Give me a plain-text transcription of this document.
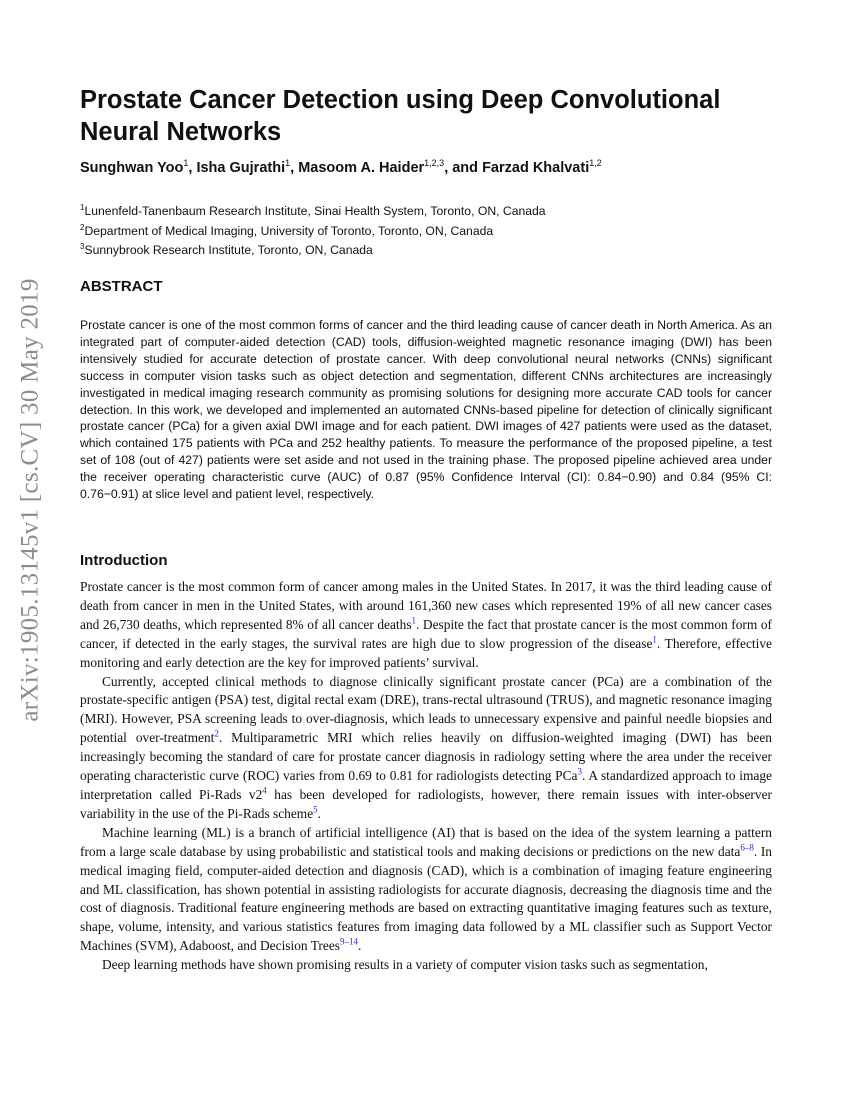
arXiv:1905.13145v1 [cs.CV] 30 May 2019
Prostate Cancer Detection using Deep Convolutional Neural Networks
Sunghwan Yoo$^1$, Isha Gujrathi$^1$, Masoom A. Haider$^{1,2,3}$, and Farzad Khalvati$^{1,2}$
$^1$Lunenfeld-Tanenbaum Research Institute, Sinai Health System, Toronto, ON, Canada
$^2$Department of Medical Imaging, University of Toronto, Toronto, ON, Canada
$^3$Sunnybrook Research Institute, Toronto, ON, Canada
ABSTRACT
Prostate cancer is one of the most common forms of cancer and the third leading cause of cancer death in North America. As an integrated part of computer-aided detection (CAD) tools, diffusion-weighted magnetic resonance imaging (DWI) has been intensively studied for accurate detection of prostate cancer. With deep convolutional neural networks (CNNs) significant success in computer vision tasks such as object detection and segmentation, different CNNs architectures are increasingly investigated in medical imaging research community as promising solutions for designing more accurate CAD tools for cancer detection. In this work, we developed and implemented an automated CNNs-based pipeline for detection of clinically significant prostate cancer (PCa) for a given axial DWI image and for each patient. DWI images of 427 patients were used as the dataset, which contained 175 patients with PCa and 252 healthy patients. To measure the performance of the proposed pipeline, a test set of 108 (out of 427) patients were set aside and not used in the training phase. The proposed pipeline achieved area under the receiver operating characteristic curve (AUC) of 0.87 (95% Confidence Interval (CI): 0.84−0.90) and 0.84 (95% CI: 0.76−0.91) at slice level and patient level, respectively.
Introduction

Prostate cancer is the most common form of cancer among males in the United States. In 2017, it was the third leading cause of death from cancer in men in the United States, with around 161,360 new cases which represented 19% of all new cancer cases and 26,730 deaths, which represented 8% of all cancer deaths$^1$. Despite the fact that prostate cancer is the most common form of cancer, if detected in the early stages, the survival rates are high due to slow progression of the disease$^1$. Therefore, effective monitoring and early detection are the key for improved patients’ survival.

Currently, accepted clinical methods to diagnose clinically significant prostate cancer (PCa) are a combination of the prostate-specific antigen (PSA) test, digital rectal exam (DRE), trans-rectal ultrasound (TRUS), and magnetic resonance imaging (MRI). However, PSA screening leads to over-diagnosis, which leads to unnecessary expensive and painful needle biopsies and potential over-treatment$^2$. Multiparametric MRI which relies heavily on diffusion-weighted imaging (DWI) has been increasingly becoming the standard of care for prostate cancer diagnosis in radiology setting where the area under the receiver operating characteristic curve (ROC) varies from 0.69 to 0.81 for radiologists detecting PCa$^3$. A standardized approach to image interpretation called Pi-Rads v2$^4$ has been developed for radiologists, however, there remain issues with inter-observer variability in the use of the Pi-Rads scheme$^5$.

Machine learning (ML) is a branch of artificial intelligence (AI) that is based on the idea of the system learning a pattern from a large scale database by using probabilistic and statistical tools and making decisions or predictions on the new data$^{6-8}$. In medical imaging field, computer-aided detection and diagnosis (CAD), which is a combination of imaging feature engineering and ML classification, has shown potential in assisting radiologists for accurate diagnosis, decreasing the diagnosis time and the cost of diagnosis. Traditional feature engineering methods are based on extracting quantitative imaging features such as texture, shape, volume, intensity, and various statistics features from imaging data followed by a ML classifier such as Support Vector Machines (SVM), Adaboost, and Decision Trees$^{9-14}$.

Deep learning methods have shown promising results in a variety of computer vision tasks such as segmentation,
